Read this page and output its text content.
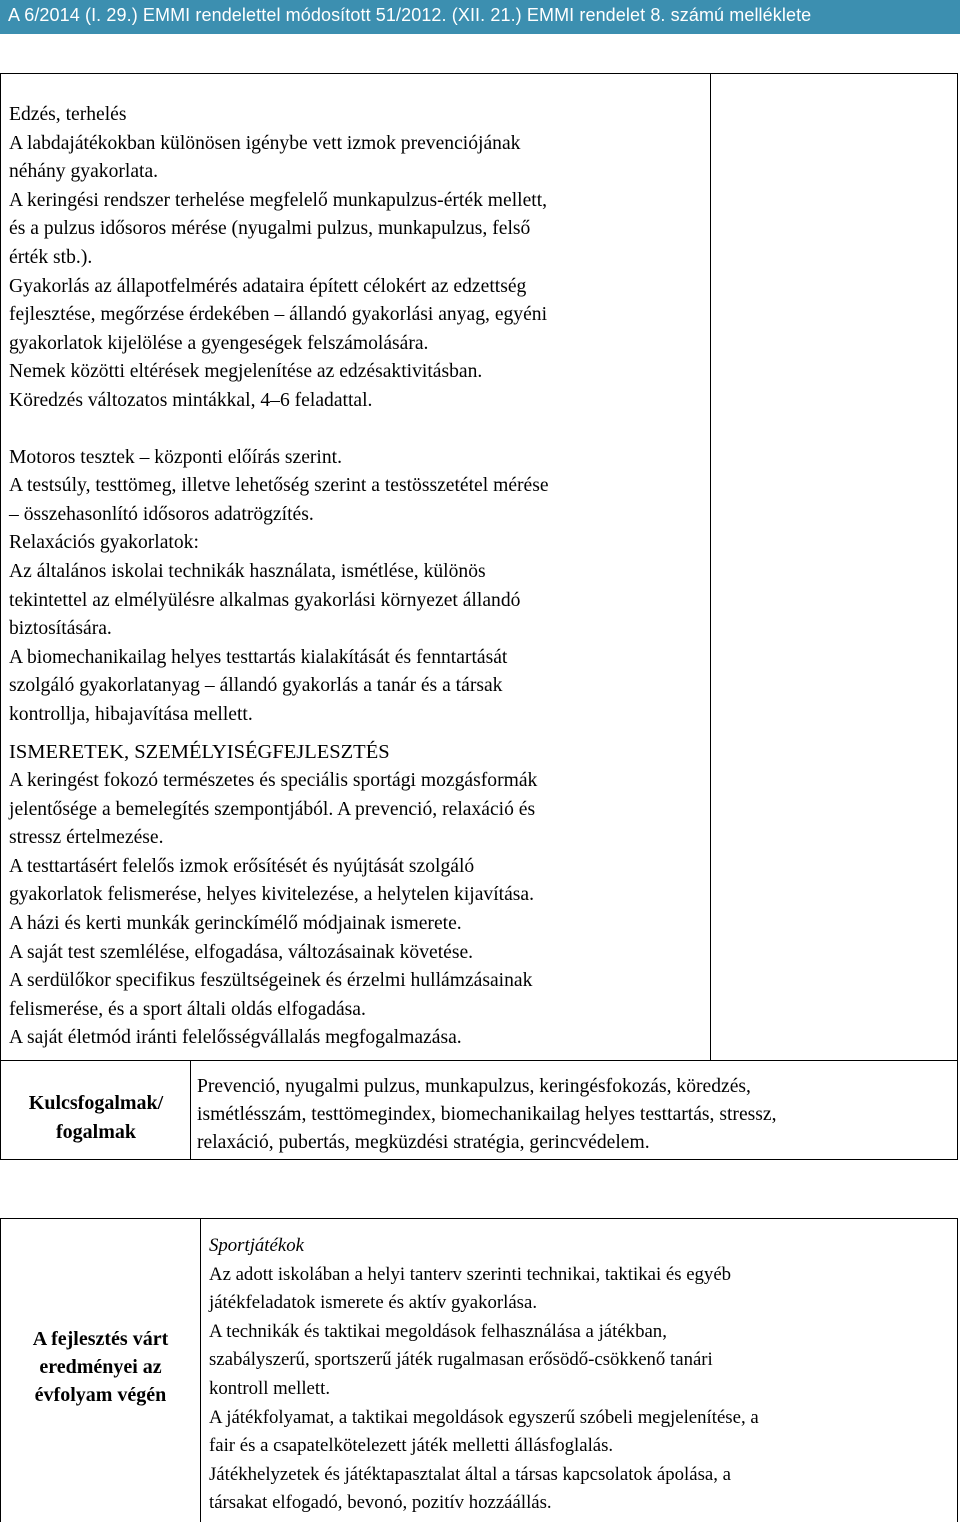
A 6/2014 (I. 29.) EMMI rendelettel módosított 51/2012. (XII. 21.) EMMI rendelet 8. számú melléklete
Edzés, terhelés
A labdajátékokban különösen igénybe vett izmok prevenciójának
néhány gyakorlata.
A keringési rendszer terhelése megfelelő munkapulzus-érték mellett,
és a pulzus idősoros mérése (nyugalmi pulzus, munkapulzus, felső
érték stb.).
Gyakorlás az állapotfelmérés adataira épített célokért az edzettség
fejlesztése, megőrzése érdekében – állandó gyakorlási anyag, egyéni
gyakorlatok kijelölése a gyengeségek felszámolására.
Nemek közötti eltérések megjelenítése az edzésaktivitásban.
Köredzés változatos mintákkal, 4–6 feladattal.
Motoros tesztek – központi előírás szerint.
A testsúly, testtömeg, illetve lehetőség szerint a testösszetétel mérése
– összehasonlító idősoros adatrögzítés.
Relaxációs gyakorlatok:
Az általános iskolai technikák használata, ismétlése, különös
tekintettel az elmélyülésre alkalmas gyakorlási környezet állandó
biztosítására.
A biomechanikailag helyes testtartás kialakítását és fenntartását
szolgáló gyakorlatanyag – állandó gyakorlás a tanár és a társak
kontrollja, hibajavítása mellett.
ISMERETEK, SZEMÉLYISÉGFEJLESZTÉS
A keringést fokozó természetes és speciális sportági mozgásformák
jelentősége a bemelegítés szempontjából. A prevenció, relaxáció és
stressz értelmezése.
A testtartásért felelős izmok erősítését és nyújtását szolgáló
gyakorlatok felismerése, helyes kivitelezése, a helytelen kijavítása.
A házi és kerti munkák gerinckímélő módjainak ismerete.
A saját test szemlélése, elfogadása, változásainak követése.
A serdülőkor specifikus feszültségeinek és érzelmi hullámzásainak
felismerése, és a sport általi oldás elfogadása.
A saját életmód iránti felelősségvállalás megfogalmazása.
Kulcsfogalmak/
fogalmak
Prevenció, nyugalmi pulzus, munkapulzus, keringésfokozás, köredzés,
ismétlésszám, testtömegindex, biomechanikailag helyes testtartás, stressz,
relaxáció, pubertás, megküzdési stratégia, gerincvédelem.
A fejlesztés várt
eredményei az
évfolyam végén
Sportjátékok
Az adott iskolában a helyi tanterv szerinti technikai, taktikai és egyéb
játékfeladatok ismerete és aktív gyakorlása.
A technikák és taktikai megoldások felhasználása a játékban,
szabályszerű, sportszerű játék rugalmasan erősödő-csökkenő tanári
kontroll mellett.
A játékfolyamat, a taktikai megoldások egyszerű szóbeli megjelenítése, a
fair és a csapatelkötelezett játék melletti állásfoglalás.
Játékhelyzetek és játéktapasztalat által a társas kapcsolatok ápolása, a
társakat elfogadó, bevonó, pozitív hozzáállás.
